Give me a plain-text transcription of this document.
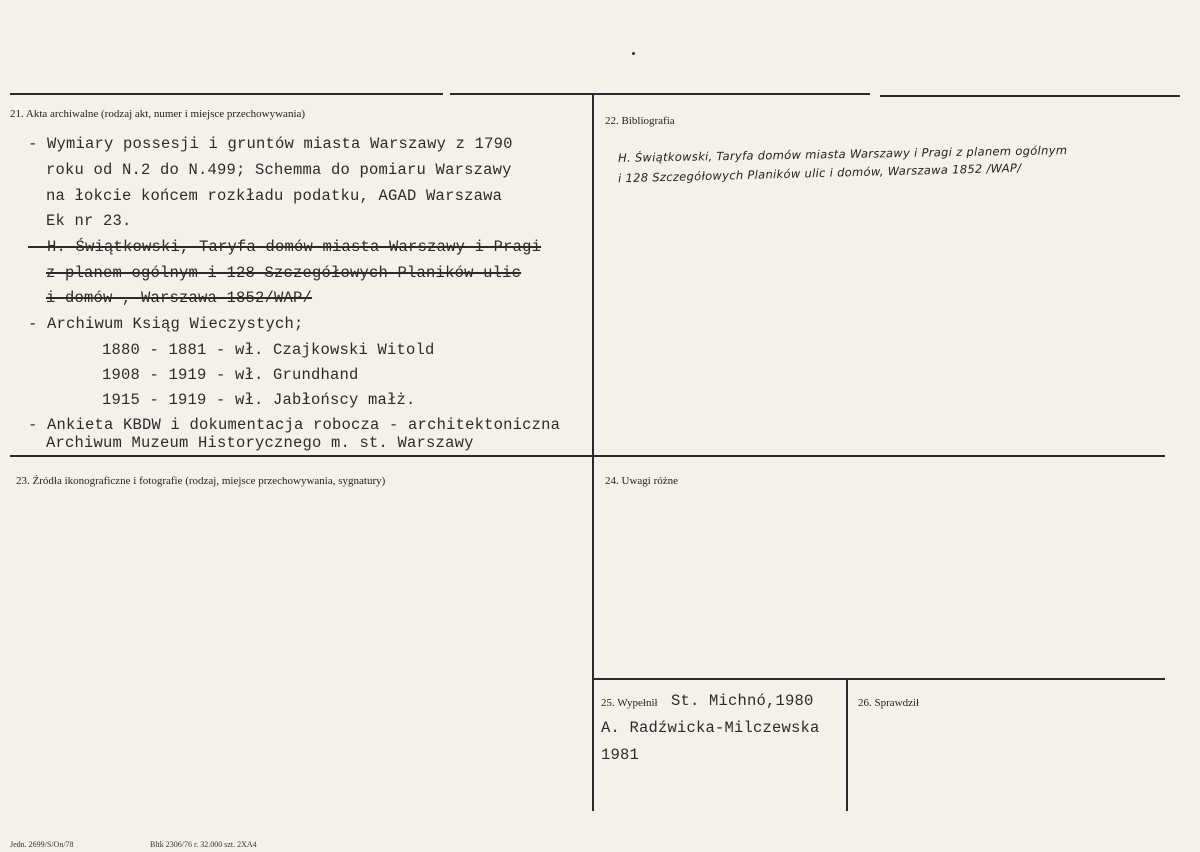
21. Akta archiwalne (rodzaj akt, numer i miejsce przechowywania)
- Wymiary possesji i gruntów miasta Warszawy z 1790
roku od N.2 do N.499; Schemma do pomiaru Warszawy
na łokcie końcem rozkładu podatku, AGAD Warszawa
Ek nr 23.
- H. Świątkowski, Taryfa domów miasta Warszawy i Pragi
z planem ogólnym i 128 Szczegółowych Planików ulic
i domów , Warszawa 1852/WAP/
- Archiwum Ksiąg Wieczystych;
1880 - 1881 - wł. Czajkowski Witold
1908 - 1919 - wł. Grundhand
1915 - 1919 - wł. Jabłońscy małż.
- Ankieta KBDW i dokumentacja robocza - architektoniczna
Archiwum Muzeum Historycznego m. st. Warszawy
22. Bibliografia
H. Świątkowski, Taryfa domów miasta Warszawy i Pragi z planem ogólnym
i 128 Szczegółowych Planików ulic i domów, Warszawa 1852 /WAP/
23. Źródła ikonograficzne i fotografie (rodzaj, miejsce przechowywania, sygnatury)	24. Uwagi różne
25. Wypełnił St. Michnó,1980
A. Radźwicka-Milczewska
1981
26. Sprawdził
Jedn. 2699/S/On/78	Bltk 2306/76 r. 32.000 szt. 2XA4
